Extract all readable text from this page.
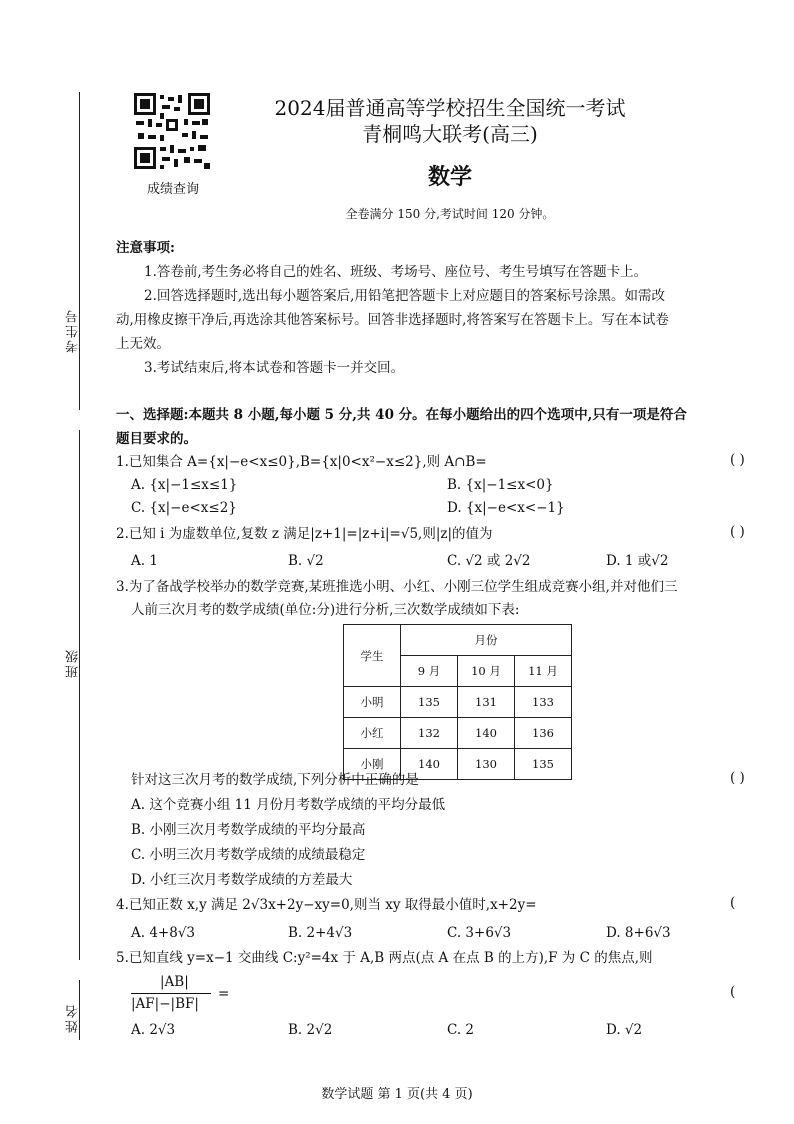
考生号
班级
姓名
成绩查询
2024届普通高等学校招生全国统一考试
青桐鸣大联考(高三)
数学
全卷满分 150 分,考试时间 120 分钟。
注意事项:
1.答卷前,考生务必将自己的姓名、班级、考场号、座位号、考生号填写在答题卡上。
2.回答选择题时,选出每小题答案后,用铅笔把答题卡上对应题目的答案标号涂黑。如需改
动,用橡皮擦干净后,再选涂其他答案标号。回答非选择题时,将答案写在答题卡上。写在本试卷
上无效。
3.考试结束后,将本试卷和答题卡一并交回。
一、选择题:本题共 8 小题,每小题 5 分,共 40 分。在每小题给出的四个选项中,只有一项是符合
题目要求的。
1.已知集合 A={x|−e<x≤0},B={x|0<x²−x≤2},则 A∩B=	( )
A. {x|−1≤x≤1}	B. {x|−1≤x<0}
C. {x|−e<x≤2}	D. {x|−e<x<−1}
2.已知 i 为虚数单位,复数 z 满足|z+1|=|z+i|=√5,则|z|的值为	( )
A. 1	B. √2	C. √2 或 2√2	D. 1 或√2
3.为了备战学校举办的数学竞赛,某班推选小明、小红、小刚三位学生组成竞赛小组,并对他们三
人前三次月考的数学成绩(单位:分)进行分析,三次数学成绩如下表:
学生	月份		
	9 月	10 月	11 月
小明	135	131	133
小红	132	140	136
小刚	140	130	135
针对这三次月考的数学成绩,下列分析中正确的是	( )
A. 这个竞赛小组 11 月份月考数学成绩的平均分最低
B. 小刚三次月考数学成绩的平均分最高
C. 小明三次月考数学成绩的成绩最稳定
D. 小红三次月考数学成绩的方差最大
4.已知正数 x,y 满足 2√3x+2y−xy=0,则当 xy 取得最小值时,x+2y=	(
A. 4+8√3	B. 2+4√3	C. 3+6√3	D. 8+6√3
5.已知直线 y=x−1 交曲线 C:y²=4x 于 A,B 两点(点 A 在点 B 的上方),F 为 C 的焦点,则
|AB|
|AF|−|BF|
=	(
A. 2√3	B. 2√2	C. 2	D. √2
数学试题 第 1 页(共 4 页)
